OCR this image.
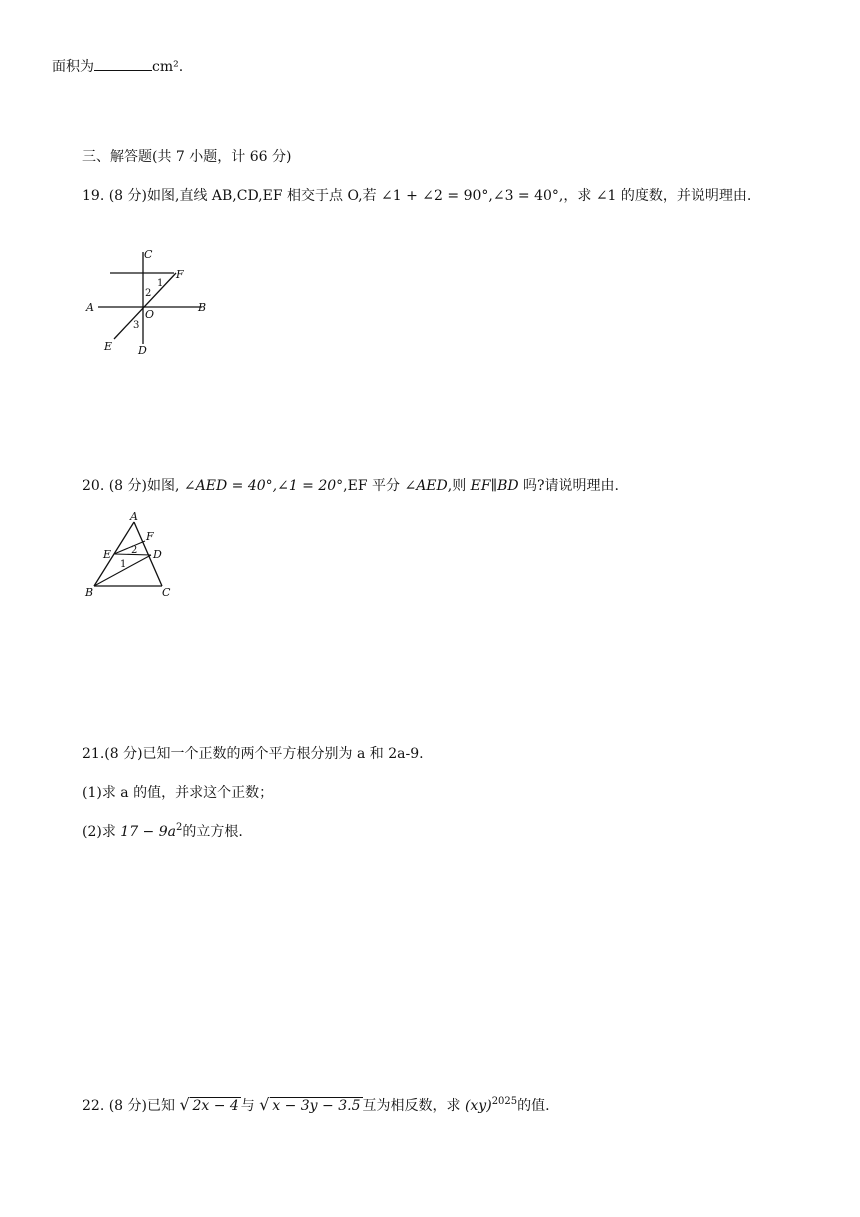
面积为	cm².
三、解答题(共 7 小题，计 66 分)
19. (8 分)如图,直线 AB,CD,EF 相交于点 O,若 ∠1 + ∠2 = 90°,∠3 = 40°,，求 ∠1 的度数，并说明理由.
C
F
1
2
A
O
B
3
E D
20. (8 分)如图, ∠AED = 40°,∠1 = 20°,EF 平分 ∠AED,则 EF∥BD 吗?请说明理由.
A
F
E 2 D
1
B	C
21.(8 分)已知一个正数的两个平方根分别为 a 和 2a-9.
(1)求 a 的值，并求这个正数；
(2)求 $17 - 9a^2$的立方根.
22. (8 分)已知 √ 2x − 4 与 √ x − 3y − 3.5 互为相反数，求 (xy)$^{2025}$的值.
